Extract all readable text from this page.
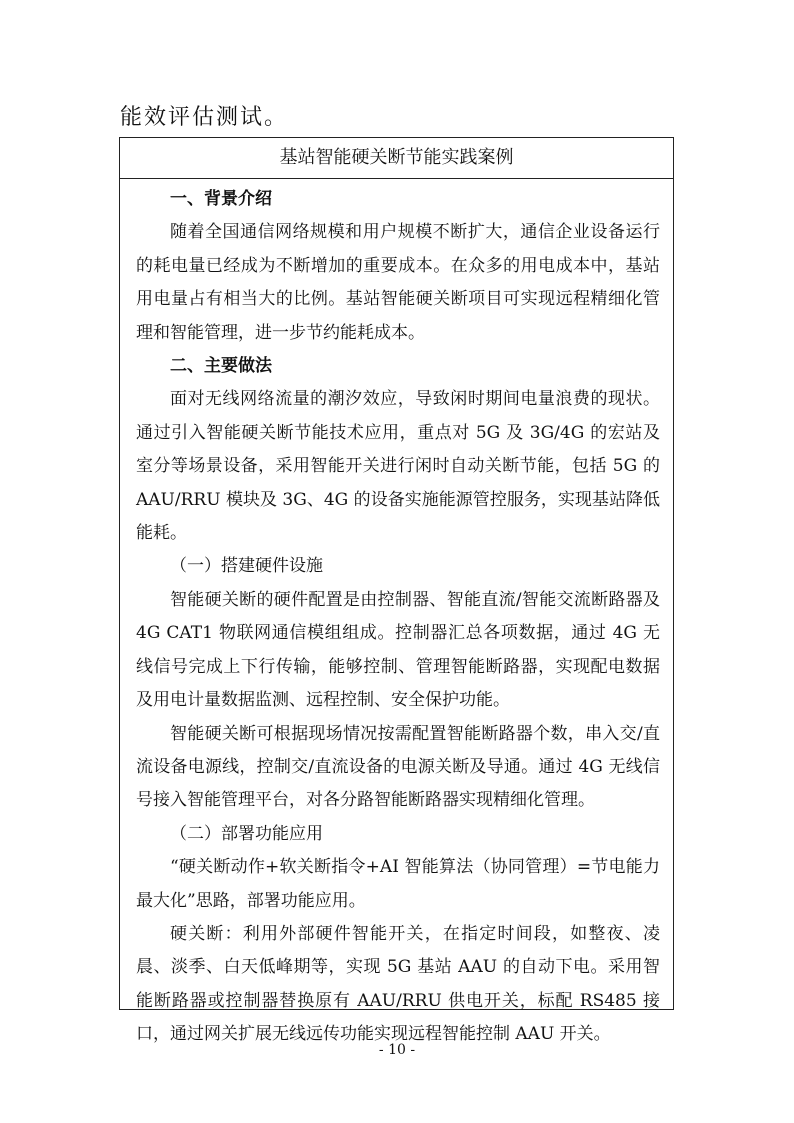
能效评估测试。
基站智能硬关断节能实践案例

一、背景介绍

随着全国通信网络规模和用户规模不断扩大，通信企业设备运行的耗电量已经成为不断增加的重要成本。在众多的用电成本中，基站用电量占有相当大的比例。基站智能硬关断项目可实现远程精细化管理和智能管理，进一步节约能耗成本。

二、主要做法

面对无线网络流量的潮汐效应，导致闲时期间电量浪费的现状。通过引入智能硬关断节能技术应用，重点对 5G 及 3G/4G 的宏站及室分等场景设备，采用智能开关进行闲时自动关断节能，包括 5G 的 AAU/RRU 模块及 3G、4G 的设备实施能源管控服务，实现基站降低能耗。

（一）搭建硬件设施

智能硬关断的硬件配置是由控制器、智能直流/智能交流断路器及 4G CAT1 物联网通信模组组成。控制器汇总各项数据，通过 4G 无线信号完成上下行传输，能够控制、管理智能断路器，实现配电数据及用电计量数据监测、远程控制、安全保护功能。

智能硬关断可根据现场情况按需配置智能断路器个数，串入交/直流设备电源线，控制交/直流设备的电源关断及导通。通过 4G 无线信号接入智能管理平台，对各分路智能断路器实现精细化管理。

（二）部署功能应用

“硬关断动作+软关断指令+AI 智能算法（协同管理）=节电能力最大化”思路，部署功能应用。

硬关断：利用外部硬件智能开关，在指定时间段，如整夜、凌晨、淡季、白天低峰期等，实现 5G 基站 AAU 的自动下电。采用智能断路器或控制器替换原有 AAU/RRU 供电开关，标配 RS485 接口，通过网关扩展无线远传功能实现远程智能控制 AAU 开关。

- 10 -
